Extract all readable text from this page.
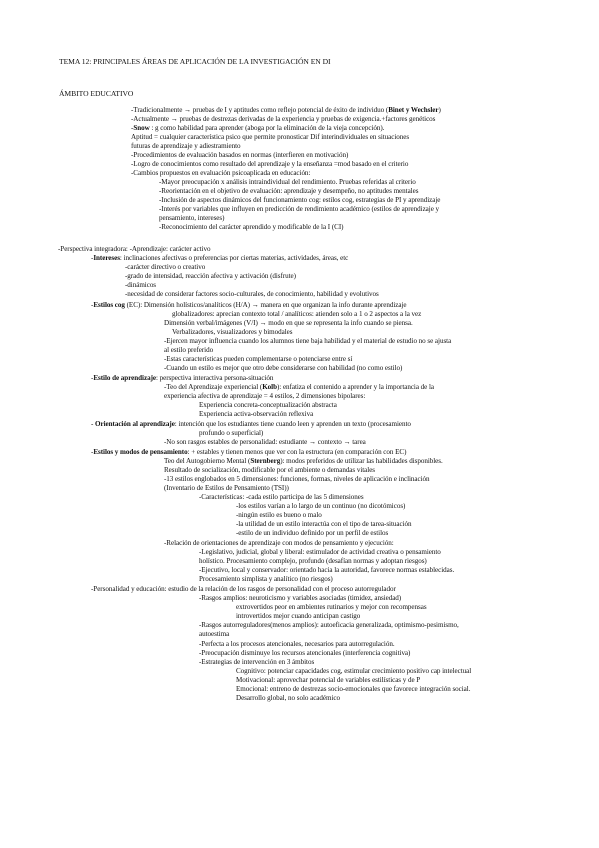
TEMA 12: PRINCIPALES ÁREAS DE APLICACIÓN DE LA INVESTIGACIÓN EN DI
ÁMBITO EDUCATIVO
-Tradicionalmente → pruebas de I y aptitudes como reflejo potencial de éxito de individuo (Binet y Wechsler)
-Actualmente → pruebas de destrezas derivadas de la experiencia y pruebas de exigencia.+factores genéticos
-Snow : g como habilidad para aprender (aboga por la eliminación de la vieja concepción).
Aptitud = cualquier característica psico que permite pronosticar Dif interindividuales en situaciones
futuras de aprendizaje y adiestramiento
-Procedimientos de evaluación basados en normas (interfieren en motivación)
-Logro de conocimientos como resultado del aprendizaje y la enseñanza =mod basado en el criterio
-Cambios propuestos en evaluación psicoaplicada en educación:
-Mayor preocupación x análisis intraindividual del rendimiento. Pruebas referidas al criterio
-Reorientación en el objetivo de evaluación: aprendizaje y desempeño, no aptitudes mentales
-Inclusión de aspectos dinámicos del funcionamiento cog: estilos cog, estrategias de PI y aprendizaje
-Interés por variables que influyen en predicción de rendimiento académico (estilos de aprendizaje y
pensamiento, intereses)
-Reconocimiento del carácter aprendido y modificable de la I (CI)
-Perspectiva integradora: -Aprendizaje: carácter activo
-Intereses: inclinaciones afectivas o preferencias por ciertas materias, actividades, áreas, etc
-carácter directivo o creativo
-grado de intensidad, reacción afectiva y activación (disfrute)
-dinámicos
-necesidad de considerar factores socio-culturales, de conocimiento, habilidad y evolutivos
-Estilos cog (EC): Dimensión holísticos/analíticos (H/A) → manera en que organizan la info durante aprendizaje
globalizadores: aprecian contexto total / analíticos: atienden solo a 1 o 2 aspectos a la vez
Dimensión verbal/imágenes (V/I) → modo en que se representa la info cuando se piensa.
Verbalizadores, visualizadores y bimodales
-Ejercen mayor influencia cuando los alumnos tiene baja habilidad y el material de estudio no se ajusta
al estilo preferido
-Estas características pueden complementarse o potenciarse entre sí
-Cuando un estilo es mejor que otro debe considerarse con habilidad (no como estilo)
-Estilo de aprendizaje: perspectiva interactiva persona-situación
-Teo del Aprendizaje experiencial (Kolb): enfatiza el contenido a aprender y la importancia de la
experiencia afectiva de aprendizaje = 4 estilos, 2 dimensiones bipolares:
Experiencia concreta-conceptualización abstracta
Experiencia activa-observación reflexiva
- Orientación al aprendizaje: intención que los estudiantes tiene cuando leen y aprenden un texto (procesamiento
profundo o superficial)
-No son rasgos estables de personalidad: estudiante → contexto → tarea
-Estilos y modos de pensamiento: + estables y tienen menos que ver con la estructura (en comparación con EC)
Teo del Autogobierno Mental (Sternberg): modos preferidos de utilizar las habilidades disponibles.
Resultado de socialización, modificable por el ambiente o demandas vitales
-13 estilos englobados en 5 dimensiones: funciones, formas, niveles de aplicación e inclinación
(Inventario de Estilos de Pensamiento (TSI))
-Características: -cada estilo participa de las 5 dimensiones
-los estilos varían a lo largo de un continuo (no dicotómicos)
-ningún estilo es bueno o malo
-la utilidad de un estilo interactúa con el tipo de tarea-situación
-estilo de un individuo definido por un perfil de estilos
-Relación de orientaciones de aprendizaje con modos de pensamiento y ejecución:
-Legislativo, judicial, global y liberal: estimulador de actividad creativa o pensamiento
holístico. Procesamiento complejo, profundo (desafían normas y adoptan riesgos)
-Ejecutivo, local y conservador: orientado hacia la autoridad, favorece normas establecidas.
Procesamiento simplista y analítico (no riesgos)
-Personalidad y educación: estudio de la relación de los rasgos de personalidad con el proceso autorregulador
-Rasgos amplios: neuroticismo y variables asociadas (timidez, ansiedad)
extrovertidos peor en ambientes rutinarios y mejor con recompensas
introvertidos mejor cuando anticipan castigo
-Rasgos autorreguladores(menos amplios): autoeficacia generalizada, optimismo-pesimismo,
autoestima
-Perfecta a los procesos atencionales, necesarios para autorregulación.
-Preocupación disminuye los recursos atencionales (interferencia cognitiva)
-Estrategias de intervención en 3 ámbitos
Cognitivo: potenciar capacidades cog, estimular crecimiento positivo cap intelectual
Motivacional: aprovechar potencial de variables estilísticas y de P
Emocional: entreno de destrezas socio-emocionales que favorece integración social.
Desarrollo global, no solo académico
